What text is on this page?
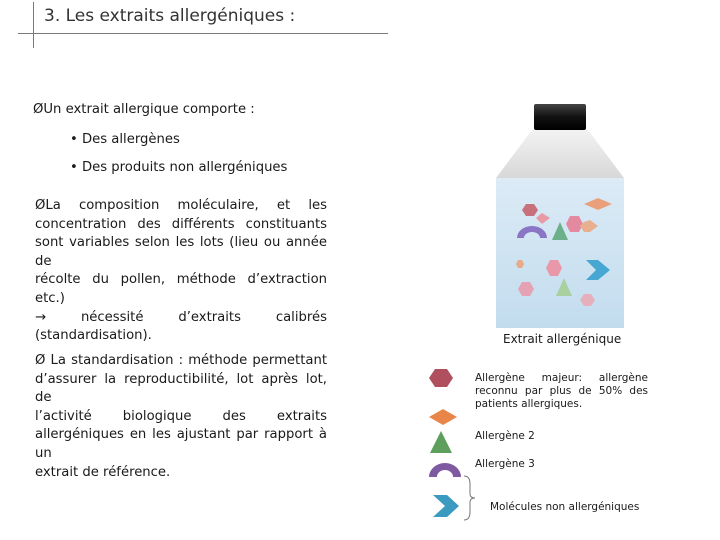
3. Les extraits allergéniques :
ØUn extrait allergique comporte :
• Des allergènes
• Des produits non allergéniques
ØLa composition moléculaire, et les
concentration des différents constituants
sont variables selon les lots (lieu ou année de
récolte du pollen, méthode d’extraction etc.)
→	nécessité d’extraits calibrés
(standardisation).
Ø La standardisation : méthode permettant
d’assurer la reproductibilité, lot après lot, de
l’activité biologique des extraits
allergéniques en les ajustant par rapport à un
extrait de référence.
Extrait allergénique
Allergène majeur: allergène
reconnu par plus de 50% des
patients allergiques.
Allergène 2
Allergène 3
Molécules non allergéniques
